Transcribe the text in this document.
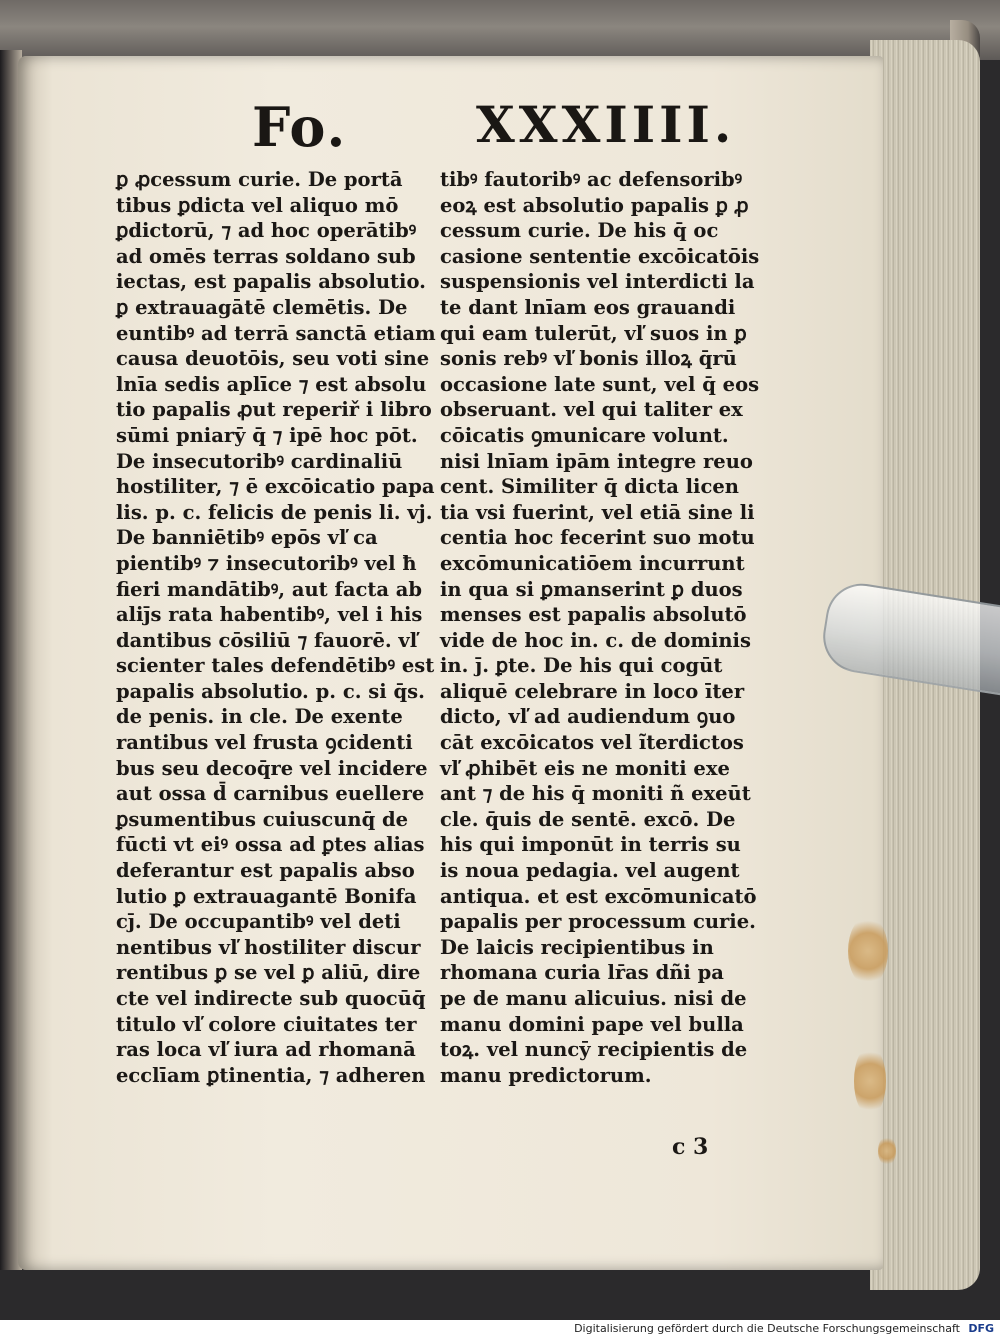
Fo.	XXXIIII.
ꝑ ꝓcessum curie. De portā
tibus ꝑdicta vel aliquo mō
ꝑdictorū, ⁊ ad hoc operātibꝰ
ad omēs terras soldano sub
iectas, est papalis absolutio.
ꝑ extrauagātē clemētis. De
euntibꝰ ad terrā sanctā etiam
causa deuotōis, seu voti sine
lnīa sedis aplīce ⁊ est absolu
tio papalis ꝓut reperiř i libro
sūmi pniarȳ q̄ ⁊ ipē hoc pōt.
De insecutoribꝰ cardinaliū
hostiliter, ⁊ ē excōicatio papa
lis. p. c. felicis de penis li. vj.
De banniētibꝰ epōs vľ ca
pientibꝰ ⁊ insecutoribꝰ vel ħ
fieri mandātibꝰ, aut facta ab
aliȷ̄s rata habentibꝰ, vel i his
dantibus cōsiliū ⁊ fauorē. vľ
scienter tales defendētibꝰ est
papalis absolutio. p. c. si q̄s.
de penis. in cle. De exente
rantibus vel frusta ꝯcidenti
bus seu decoq̄re vel incidere
aut ossa d̄ carnibus euellere
ꝑsumentibus cuiuscunq̄ de
fūcti vt eiꝰ ossa ad ꝑtes alias
deferantur est papalis abso
lutio ꝑ extrauagantē Bonifa
cȷ̄. De occupantibꝰ vel deti
nentibus vľ hostiliter discur
rentibus ꝑ se vel ꝑ aliū, dire
cte vel indirecte sub quocūq̄
titulo vľ colore ciuitates ter
ras loca vľ iura ad rhomanā
ecclīam ꝑtinentia, ⁊ adheren
tibꝰ fautoribꝰ ac defensoribꝰ
eoꝝ est absolutio papalis ꝑ ꝓ
cessum curie. De his q̄ oc
casione sententie excōicatōis
suspensionis vel interdicti la
te dant lnīam eos grauandi
qui eam tulerūt, vľ suos in ꝑ
sonis rebꝰ vľ bonis illoꝝ q̄rū
occasione late sunt, vel q̄ eos
obseruant. vel qui taliter ex
cōicatis ꝯmunicare volunt.
nisi lnīam ipām integre reuo
cent. Similiter q̄ dicta licen
tia vsi fuerint, vel etiā sine li
centia hoc fecerint suo motu
excōmunicatiōem incurrunt
in qua si ꝑmanserint ꝑ duos
menses est papalis absolutō
vide de hoc in. c. de dominis
in. ȷ̄. ꝑte. De his qui cogūt
aliquē celebrare in loco īter
dicto, vľ ad audiendum ꝯuo
cāt excōicatos vel ĩterdictos
vľ ꝓhibēt eis ne moniti exe
ant ⁊ de his q̄ moniti ñ exeūt
cle. q̄uis de sentē. excō. De
his qui imponūt in terris su
is noua pedagia. vel augent
antiqua. et est excōmunicatō
papalis per processum curie.
De laicis recipientibus in
rhomana curia lr̄as dñi pa
pe de manu alicuius. nisi de
manu domini pape vel bulla
toꝝ. vel nuncȳ recipientis de
manu predictorum.
c 3
Digitalisierung gefördert durch die Deutsche Forschungsgemeinschaft DFG
